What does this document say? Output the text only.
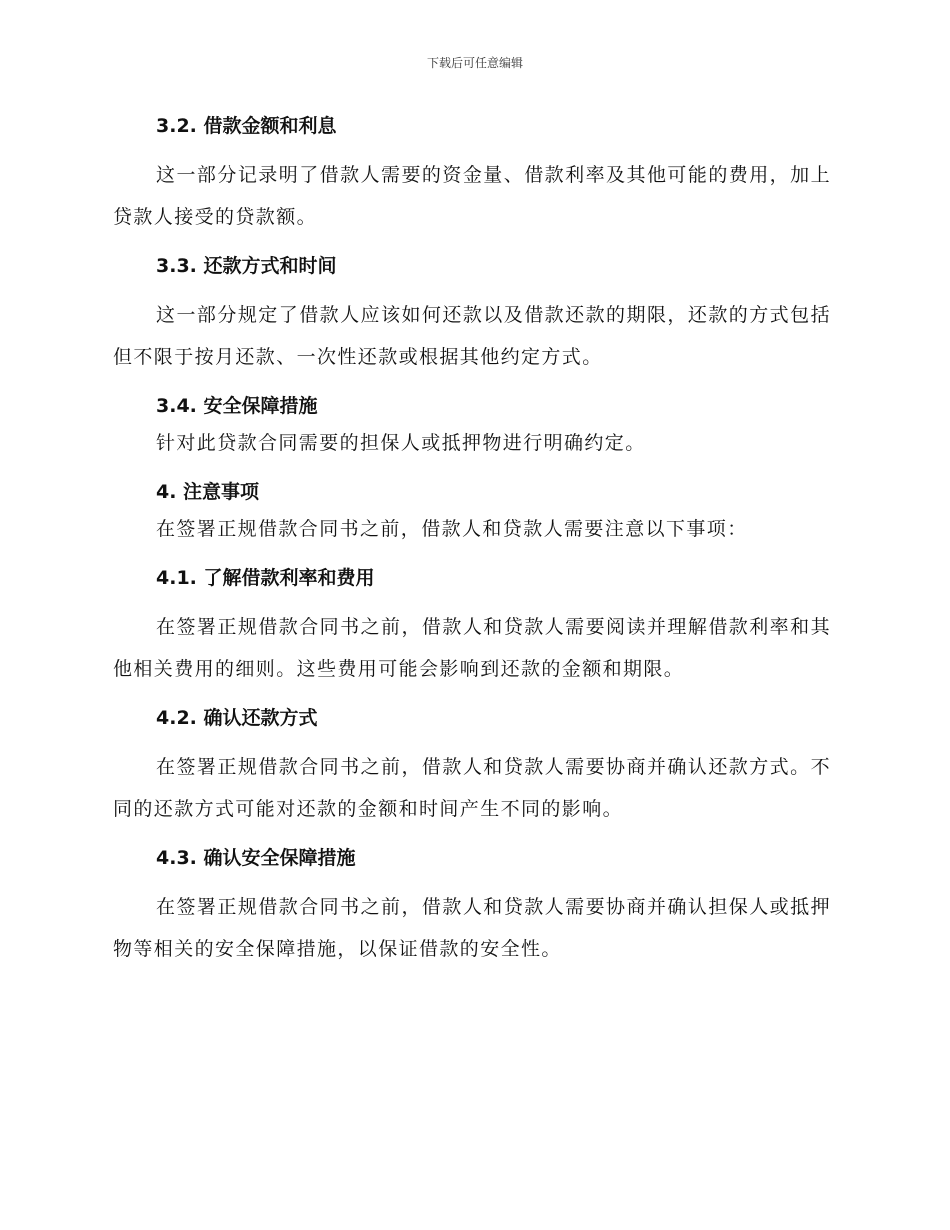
下载后可任意编辑
3.2. 借款金额和利息

这一部分记录明了借款人需要的资金量、借款利率及其他可能的费用，加上贷款人接受的贷款额。

3.3. 还款方式和时间

这一部分规定了借款人应该如何还款以及借款还款的期限，还款的方式包括但不限于按月还款、一次性还款或根据其他约定方式。

3.4. 安全保障措施

针对此贷款合同需要的担保人或抵押物进行明确约定。

4. 注意事项

在签署正规借款合同书之前，借款人和贷款人需要注意以下事项：

4.1. 了解借款利率和费用

在签署正规借款合同书之前，借款人和贷款人需要阅读并理解借款利率和其他相关费用的细则。这些费用可能会影响到还款的金额和期限。

4.2. 确认还款方式

在签署正规借款合同书之前，借款人和贷款人需要协商并确认还款方式。不同的还款方式可能对还款的金额和时间产生不同的影响。

4.3. 确认安全保障措施

在签署正规借款合同书之前，借款人和贷款人需要协商并确认担保人或抵押物等相关的安全保障措施，以保证借款的安全性。
